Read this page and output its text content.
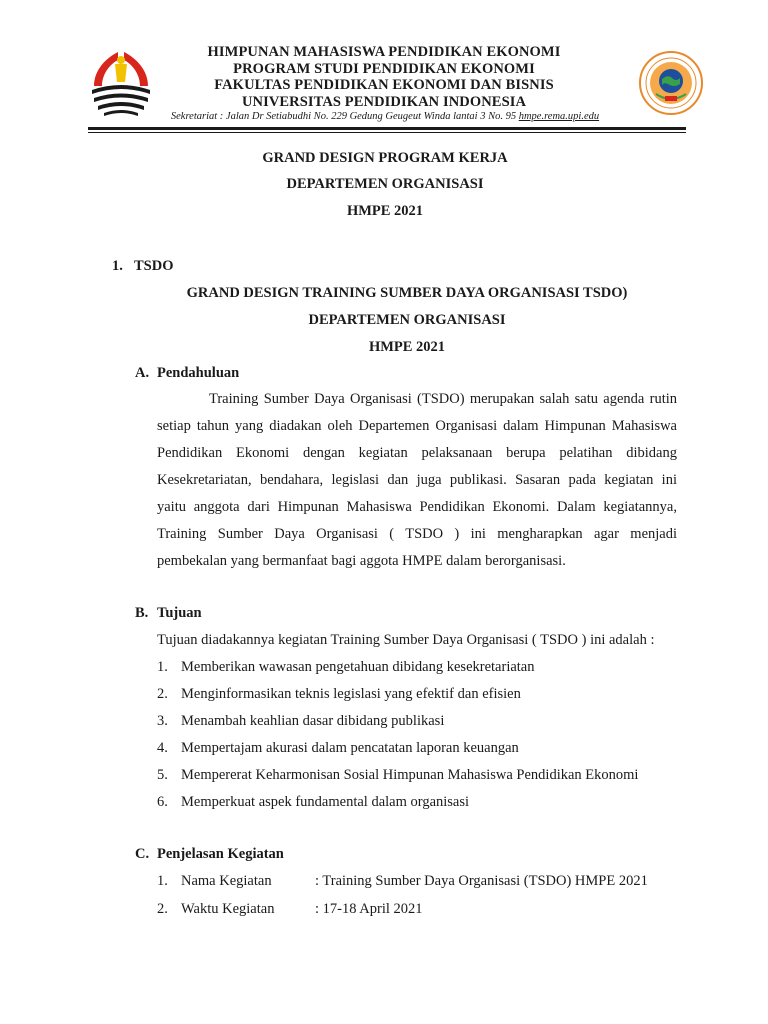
HIMPUNAN MAHASISWA PENDIDIKAN EKONOMI
PROGRAM STUDI PENDIDIKAN EKONOMI
FAKULTAS PENDIDIKAN EKONOMI DAN BISNIS
UNIVERSITAS PENDIDIKAN INDONESIA
Sekretariat : Jalan Dr Setiabudhi No. 229 Gedung Geugeut Winda lantai 3 No. 95 hmpe.rema.upi.edu
GRAND DESIGN PROGRAM KERJA
DEPARTEMEN ORGANISASI
HMPE 2021
1. TSDO
GRAND DESIGN TRAINING SUMBER DAYA ORGANISASI TSDO)
DEPARTEMEN ORGANISASI
HMPE 2021
A. Pendahuluan
Training Sumber Daya Organisasi (TSDO) merupakan salah satu agenda rutin
setiap tahun yang diadakan oleh Departemen Organisasi dalam Himpunan Mahasiswa
Pendidikan Ekonomi dengan kegiatan pelaksanaan berupa pelatihan dibidang
Kesekretariatan, bendahara, legislasi dan juga publikasi. Sasaran pada kegiatan ini
yaitu anggota dari Himpunan Mahasiswa Pendidikan Ekonomi. Dalam kegiatannya,
Training Sumber Daya Organisasi ( TSDO ) ini mengharapkan agar menjadi
pembekalan yang bermanfaat bagi aggota HMPE dalam berorganisasi.
B. Tujuan
Tujuan diadakannya kegiatan Training Sumber Daya Organisasi ( TSDO ) ini adalah :
1. Memberikan wawasan pengetahuan dibidang kesekretariatan
2. Menginformasikan teknis legislasi yang efektif dan efisien
3. Menambah keahlian dasar dibidang publikasi
4. Mempertajam akurasi dalam pencatatan laporan keuangan
5. Mempererat Keharmonisan Sosial Himpunan Mahasiswa Pendidikan Ekonomi
6. Memperkuat aspek fundamental dalam organisasi
C. Penjelasan Kegiatan
1. Nama Kegiatan	: Training Sumber Daya Organisasi (TSDO) HMPE 2021
2. Waktu Kegiatan	: 17-18 April 2021
